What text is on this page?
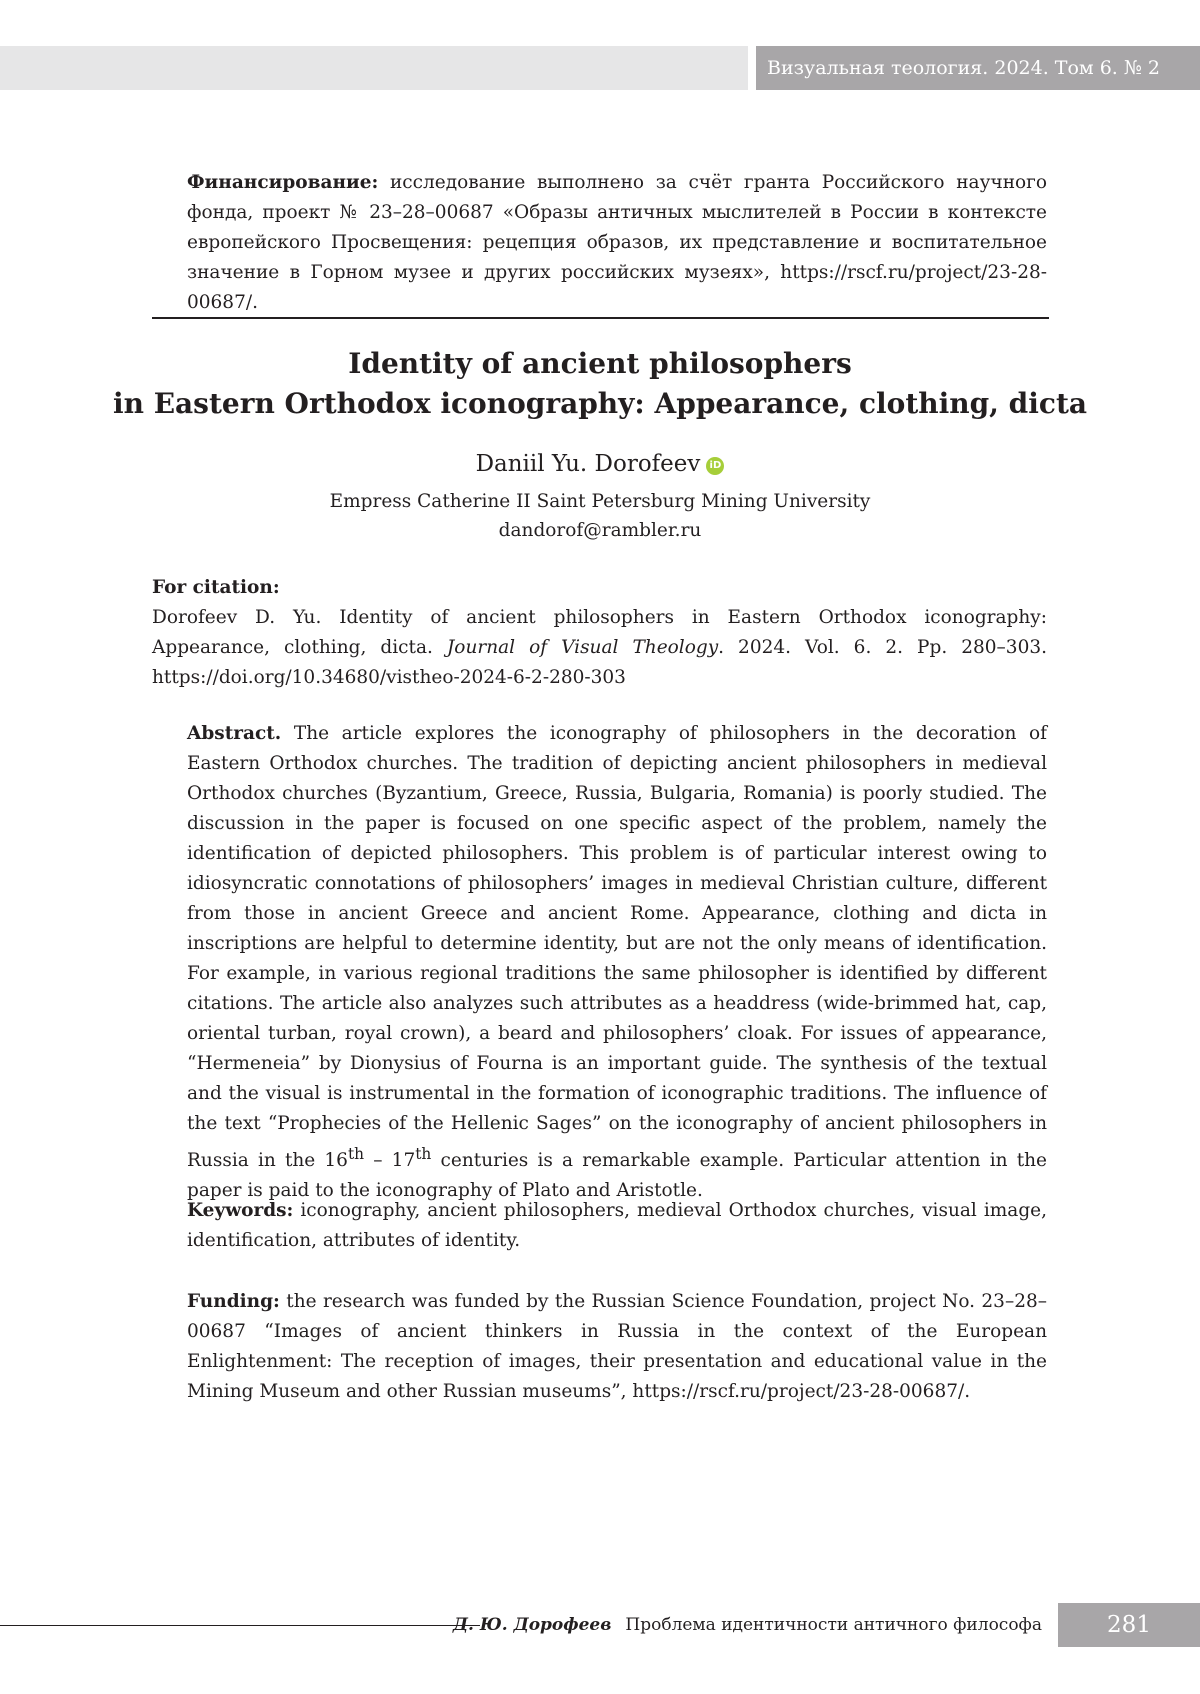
Визуальная теология. 2024. Том 6. № 2
Финансирование: исследование выполнено за счёт гранта Российского научного фонда, проект № 23–28–00687 «Образы античных мыслителей в России в контексте европейского Просвещения: рецепция образов, их представление и воспитательное значение в Горном музее и других российских музеях», https://rscf.ru/project/23-28-00687/.
Identity of ancient philosophers
in Eastern Orthodox iconography: Appearance, clothing, dicta
Daniil Yu. Dorofeev iD
Empress Catherine II Saint Petersburg Mining University
dandorof@rambler.ru
For citation:
Dorofeev D. Yu. Identity of ancient philosophers in Eastern Orthodox iconography: Appearance, clothing, dicta. Journal of Visual Theology. 2024. Vol. 6. 2. Pp. 280–303. https://doi.org/10.34680/vistheo-2024-6-2-280-303
Abstract. The article explores the iconography of philosophers in the decoration of Eastern Orthodox churches. The tradition of depicting ancient philosophers in medieval Orthodox churches (Byzantium, Greece, Russia, Bulgaria, Romania) is poorly studied. The discussion in the paper is focused on one specific aspect of the problem, namely the identification of depicted philosophers. This problem is of particular interest owing to idiosyncratic connotations of philosophers’ images in medieval Christian culture, different from those in ancient Greece and ancient Rome. Appearance, clothing and dicta in inscriptions are helpful to determine identity, but are not the only means of identification. For example, in various regional traditions the same philosopher is identified by different citations. The article also analyzes such attributes as a headdress (wide-brimmed hat, cap, oriental turban, royal crown), a beard and philosophers’ cloak. For issues of appearance, “Hermeneia” by Dionysius of Fourna is an important guide. The synthesis of the textual and the visual is instrumental in the formation of iconographic traditions. The influence of the text “Prophecies of the Hellenic Sages” on the iconography of ancient philosophers in Russia in the 16th – 17th centuries is a remarkable example. Particular attention in the paper is paid to the iconography of Plato and Aristotle.
Keywords: iconography, ancient philosophers, medieval Orthodox churches, visual image, identification, attributes of identity.
Funding: the research was funded by the Russian Science Foundation, project No. 23–28–00687 “Images of ancient thinkers in Russia in the context of the European Enlightenment: The reception of images, their presentation and educational value in the Mining Museum and other Russian museums”, https://rscf.ru/project/23-28-00687/.
Д. Ю. Дорофеев Проблема идентичности античного философа	281
